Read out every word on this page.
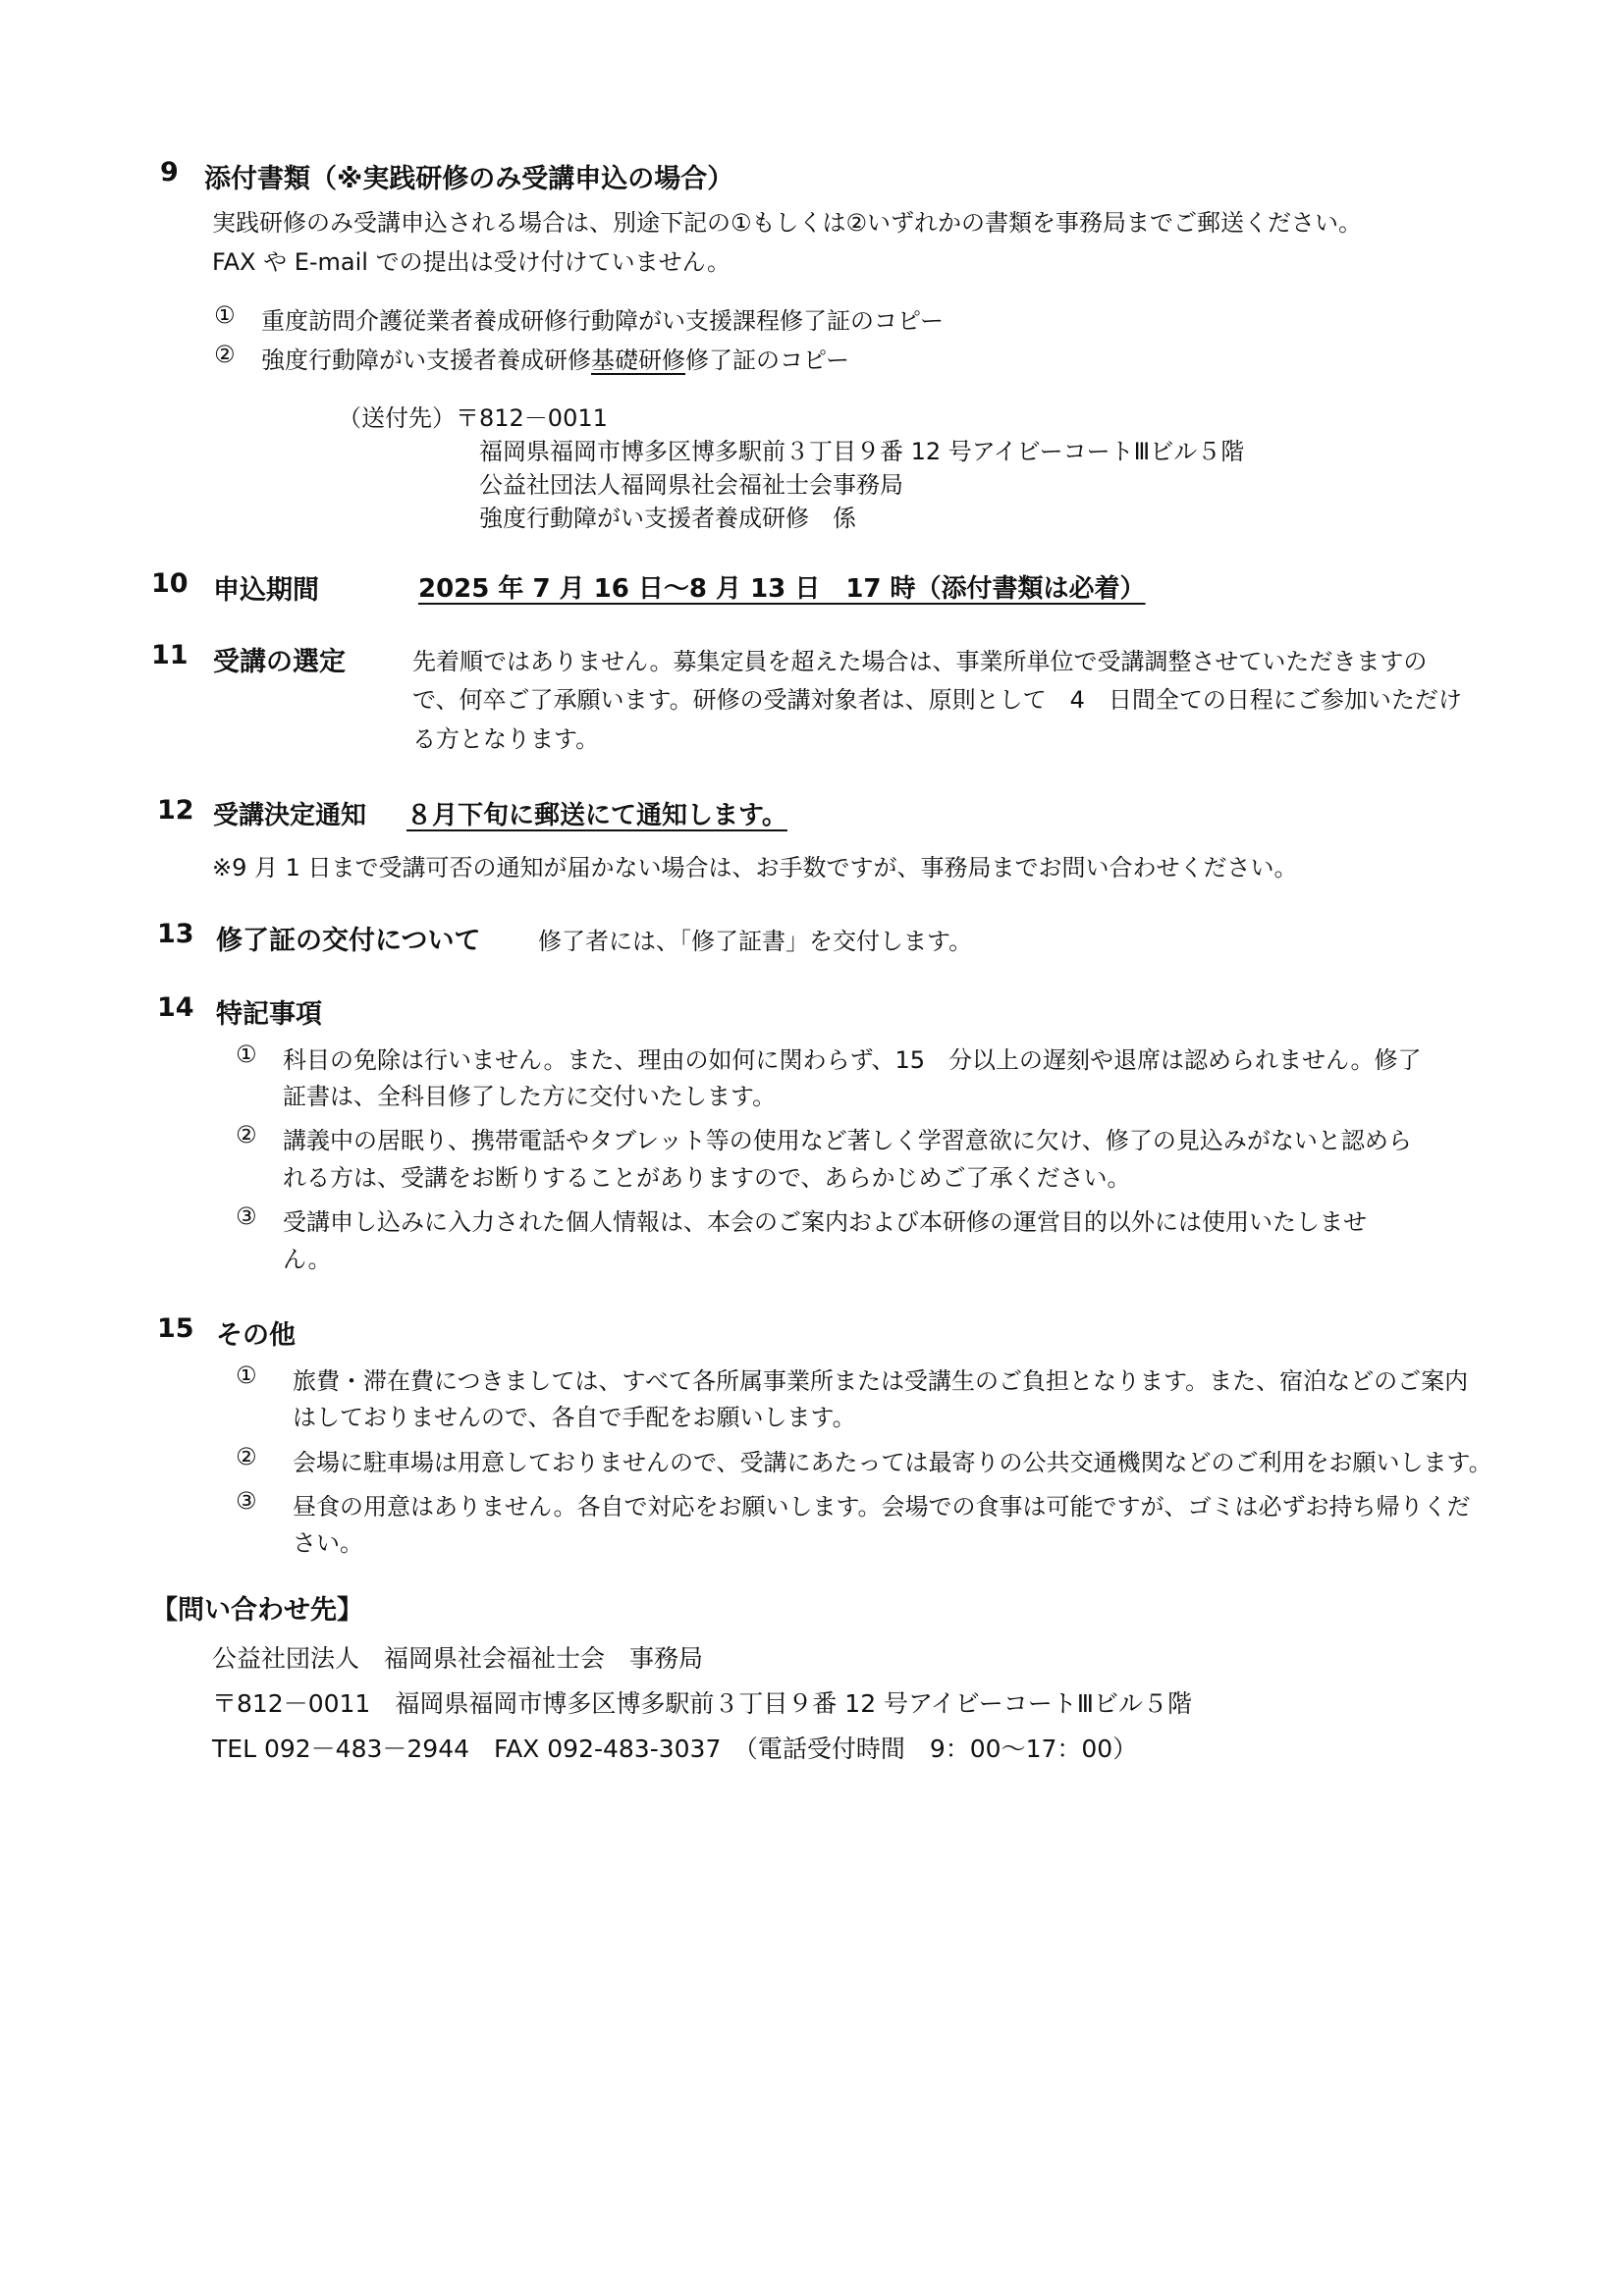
9 添付書類（※実践研修のみ受講申込の場合）
実践研修のみ受講申込される場合は、別途下記の①もしくは②いずれかの書類を事務局までご郵送ください。
FAX や E-mail での提出は受け付けていません。
① 重度訪問介護従業者養成研修行動障がい支援課程修了証のコピー
② 強度行動障がい支援者養成研修基礎研修修了証のコピー
（送付先）〒812－0011
福岡県福岡市博多区博多駅前３丁目９番 12 号アイビーコートⅢビル５階
公益社団法人福岡県社会福祉士会事務局
強度行動障がい支援者養成研修　係
10 申込期間	2025 年 7 月 16 日～8 月 13 日　17 時（添付書類は必着）
11 受講の選定	先着順ではありません。募集定員を超えた場合は、事業所単位で受講調整させていただきますの
で、何卒ご了承願います。研修の受講対象者は、原則として　4　日間全ての日程にご参加いただけ
る方となります。
12 受講決定通知 ８月下旬に郵送にて通知します。
※9 月 1 日まで受講可否の通知が届かない場合は、お手数ですが、事務局までお問い合わせください。
13 修了証の交付について 修了者には、「修了証書」を交付します。
14 特記事項
① 科目の免除は行いません。また、理由の如何に関わらず、15　分以上の遅刻や退席は認められません。修了
証書は、全科目修了した方に交付いたします。
② 講義中の居眠り、携帯電話やタブレット等の使用など著しく学習意欲に欠け、修了の見込みがないと認めら
れる方は、受講をお断りすることがありますので、あらかじめご了承ください。
③ 受講申し込みに入力された個人情報は、本会のご案内および本研修の運営目的以外には使用いたしませ
ん。
15 その他
① 旅費・滞在費につきましては、すべて各所属事業所または受講生のご負担となります。また、宿泊などのご案内
はしておりませんので、各自で手配をお願いします。
② 会場に駐車場は用意しておりませんので、受講にあたっては最寄りの公共交通機関などのご利用をお願いします。
③ 昼食の用意はありません。各自で対応をお願いします。会場での食事は可能ですが、ゴミは必ずお持ち帰りくだ
さい。
【問い合わせ先】
公益社団法人　福岡県社会福祉士会　事務局
〒812－0011　福岡県福岡市博多区博多駅前３丁目９番 12 号アイビーコートⅢビル５階
TEL 092－483－2944　FAX 092-483-3037　（電話受付時間　9：00～17：00）
